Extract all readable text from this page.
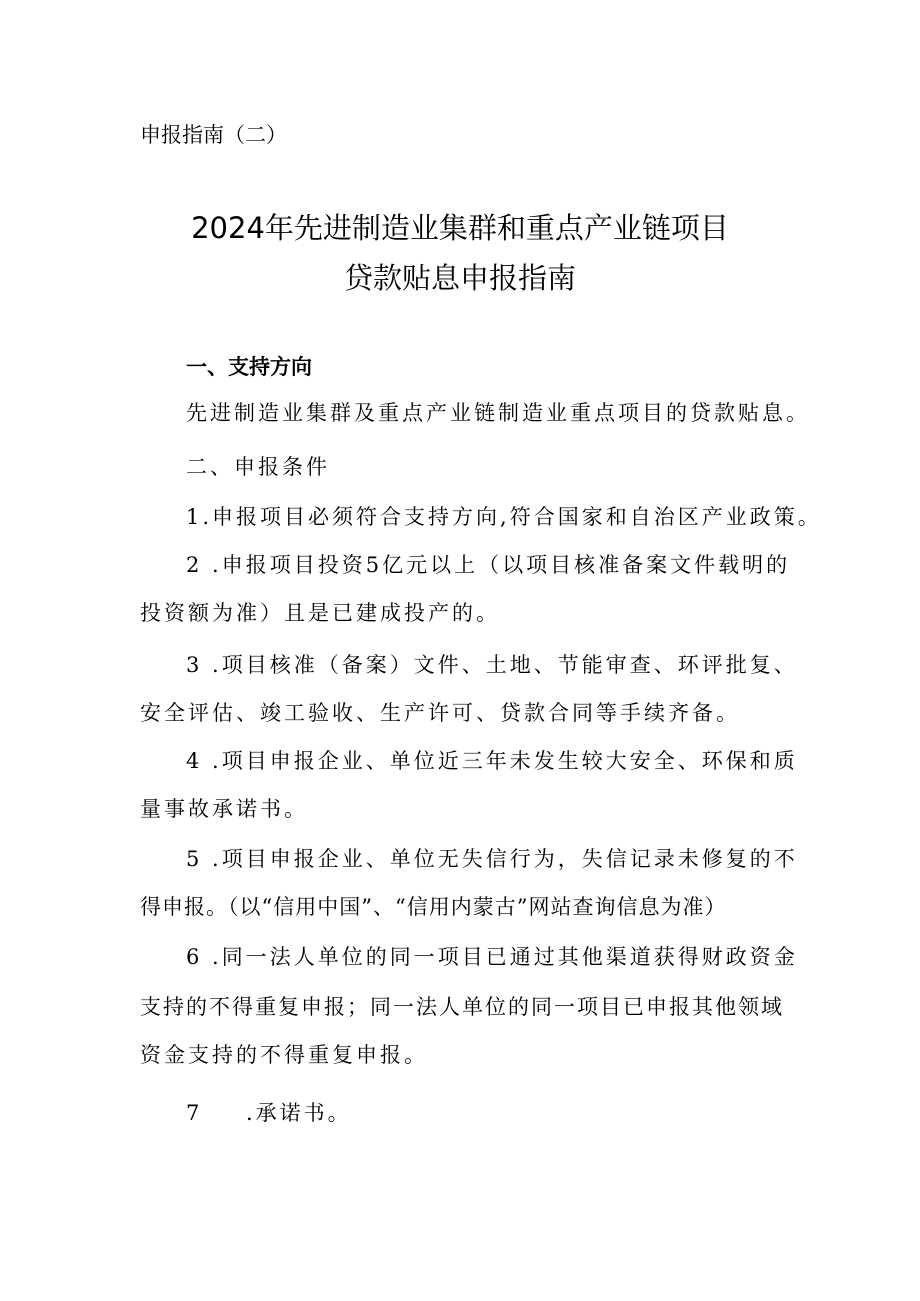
申报指南（二）
2024年先进制造业集群和重点产业链项目
贷款贴息申报指南
一、支持方向
先进制造业集群及重点产业链制造业重点项目的贷款贴息。
二、申报条件
1.申报项目必须符合支持方向,符合国家和自治区产业政策。
2 .申报项目投资5亿元以上（以项目核准备案文件载明的
投资额为准）且是已建成投产的。
3 .项目核准（备案）文件、土地、节能审查、环评批复、
安全评估、竣工验收、生产许可、贷款合同等手续齐备。
4 .项目申报企业、单位近三年未发生较大安全、环保和质
量事故承诺书。
5 .项目申报企业、单位无失信行为，失信记录未修复的不
得申报。（以“信用中国”、“信用内蒙古”网站查询信息为准）
6 .同一法人单位的同一项目已通过其他渠道获得财政资金
支持的不得重复申报；同一法人单位的同一项目已申报其他领域
资金支持的不得重复申报。
7 .承诺书。
